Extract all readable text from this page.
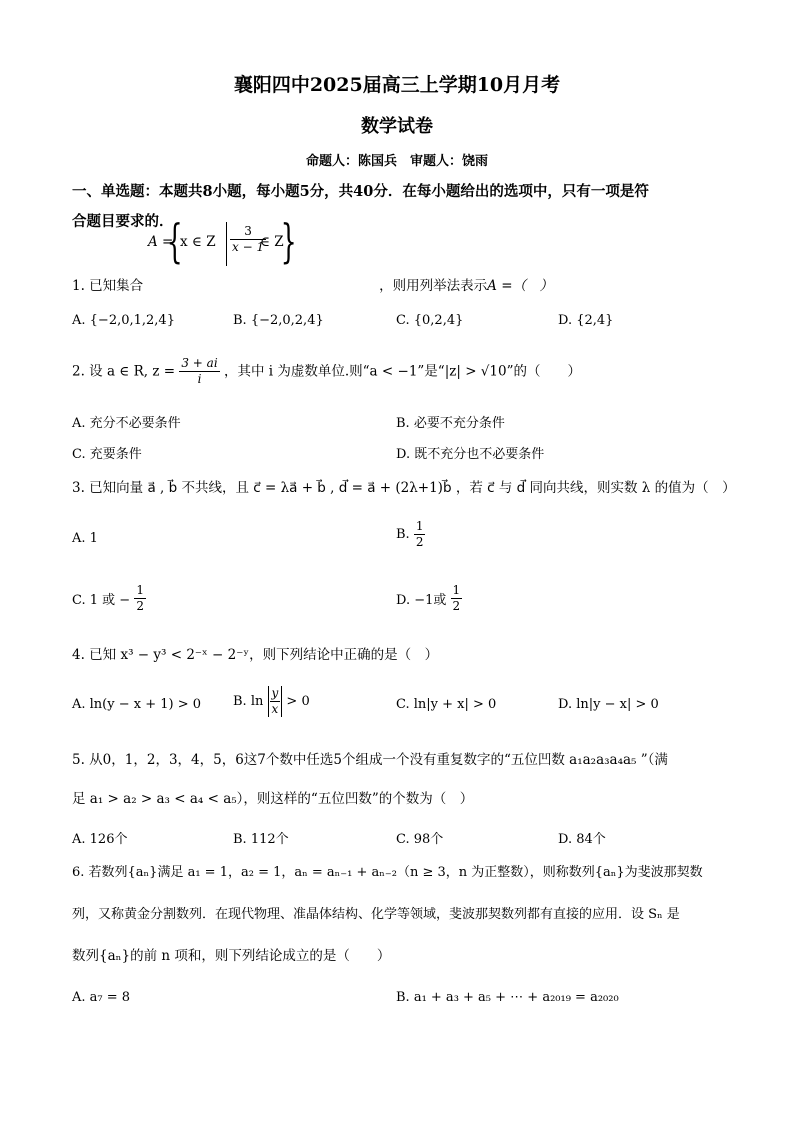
襄阳四中2025届高三上学期10月月考
数学试卷
命题人：陈国兵　审题人：饶雨
一、单选题：本题共8小题，每小题5分，共40分．在每小题给出的选项中，只有一项是符
合题目要求的．
A =
{
x ∈ Z $\frac{3}{x - 1}$
∈ Z
}
1. 已知集合	，则用列举法表示A =（　）
A. {−2,0,1,2,4}	B. {−2,0,2,4}	C. {0,2,4}	D. {2,4}
2. 设 a ∈ R, $z = \frac{3 + ai}{i}$ ，其中 i 为虚数单位.则“a < −1”是“|z| > √10”的（　　）
A. 充分不必要条件	B. 必要不充分条件
C. 充要条件	D. 既不充分也不必要条件
3. 已知向量 a⃗ , b⃗ 不共线，且 c⃗ = λa⃗ + b⃗ , d⃗ = a⃗ + (2λ+1)b⃗ ，若 c⃗ 与 d⃗ 同向共线，则实数 λ 的值为（　）
A. 1	B. $\frac{1}{2}$
C. 1 或 − $\frac{1}{2}$	D. −1或 $\frac{1}{2}$
4. 已知 x³ − y³ < 2⁻ˣ − 2⁻ʸ，则下列结论中正确的是（　）
A. ln(y − x + 1) > 0 B. $\ln \frac{y}{x} > 0$	C. ln|y + x| > 0	D. ln|y − x| > 0
5. 从0，1，2，3，4，5，6这7个数中任选5个组成一个没有重复数字的“五位凹数 a₁a₂a₃a₄a₅ ”（满
足 a₁ > a₂ > a₃ < a₄ < a₅），则这样的“五位凹数”的个数为（　）
A. 126个	B. 112个	C. 98个	D. 84个
6. 若数列{aₙ}满足 a₁ = 1，a₂ = 1，aₙ = aₙ₋₁ + aₙ₋₂（n ≥ 3，n 为正整数），则称数列{aₙ}为斐波那契数
列，又称黄金分割数列．在现代物理、准晶体结构、化学等领域，斐波那契数列都有直接的应用．设 Sₙ 是
数列{aₙ}的前 n 项和，则下列结论成立的是（　　）
A. a₇ = 8	B. a₁ + a₃ + a₅ + ⋯ + a₂₀₁₉ = a₂₀₂₀
